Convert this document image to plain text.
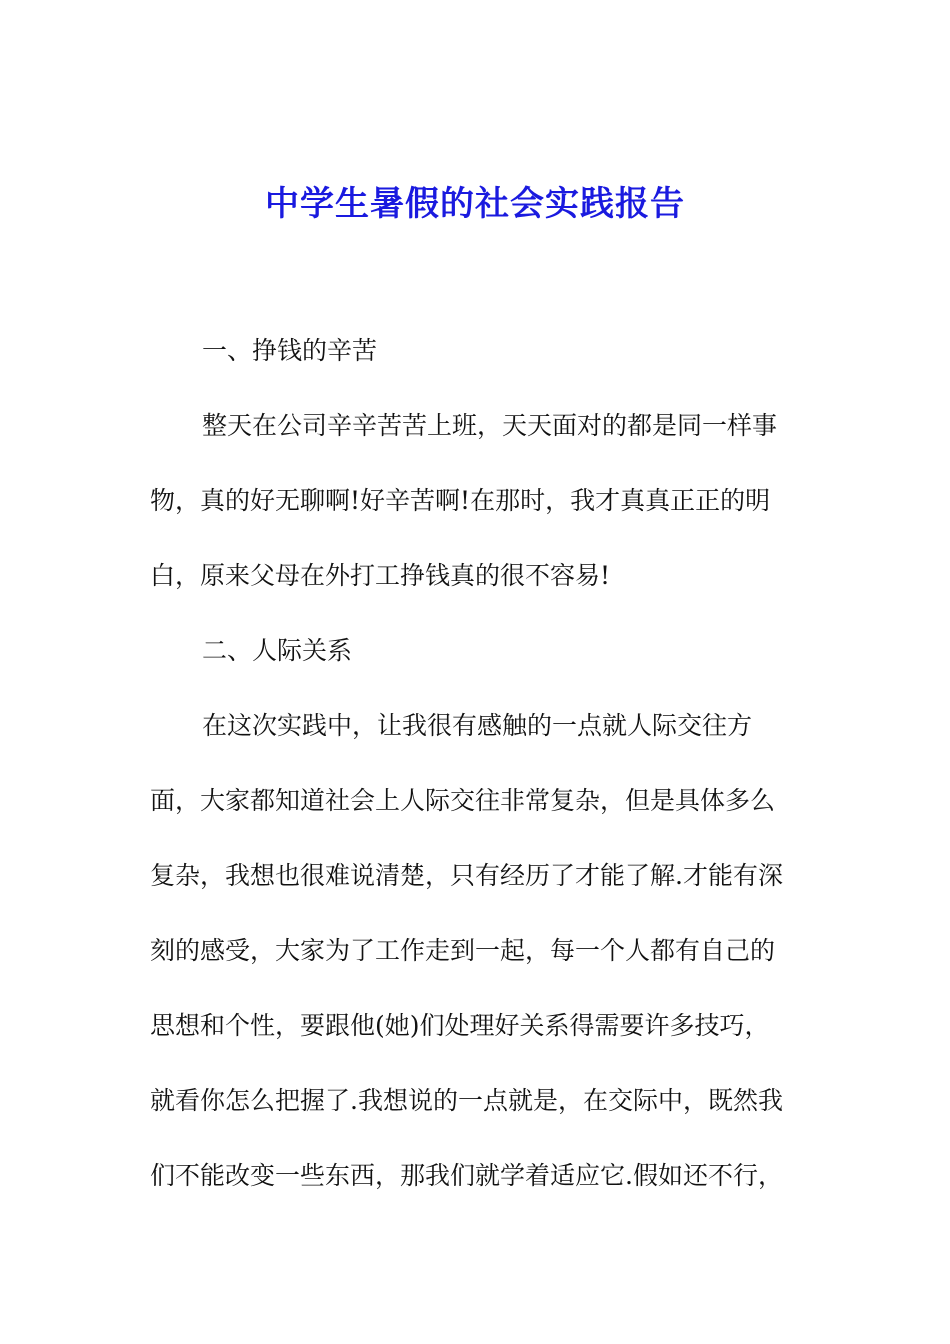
中学生暑假的社会实践报告
一、挣钱的辛苦
整天在公司辛辛苦苦上班，天天面对的都是同一样事
物，真的好无聊啊!好辛苦啊!在那时，我才真真正正的明
白，原来父母在外打工挣钱真的很不容易!
二、人际关系
在这次实践中，让我很有感触的一点就人际交往方
面，大家都知道社会上人际交往非常复杂，但是具体多么
复杂，我想也很难说清楚，只有经历了才能了解.才能有深
刻的感受，大家为了工作走到一起，每一个人都有自己的
思想和个性，要跟他(她)们处理好关系得需要许多技巧，
就看你怎么把握了.我想说的一点就是，在交际中，既然我
们不能改变一些东西，那我们就学着适应它.假如还不行，
